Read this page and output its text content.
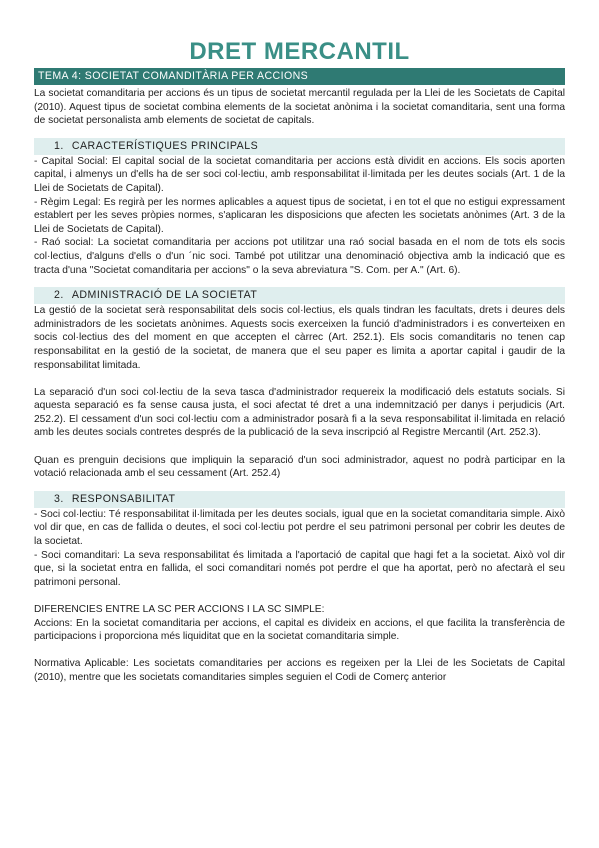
DRET MERCANTIL
TEMA 4: SOCIETAT COMANDITÀRIA PER ACCIONS

La societat comanditaria per accions és un tipus de societat mercantil regulada per la Llei de les Societats de Capital (2010). Aquest tipus de societat combina elements de la societat anònima i la societat comanditaria, sent una forma de societat personalista amb elements de societat de capitals.

1. CARACTERÍSTIQUES PRINCIPALS

- Capital Social: El capital social de la societat comanditaria per accions està dividit en accions. Els socis aporten capital, i almenys un d'ells ha de ser soci col·lectiu, amb responsabilitat il·limitada per les deutes socials (Art. 1 de la Llei de Societats de Capital).

- Règim Legal: Es regirà per les normes aplicables a aquest tipus de societat, i en tot el que no estigui expressament establert per les seves pròpies normes, s'aplicaran les disposicions que afecten les societats anònimes (Art. 3 de la Llei de Societats de Capital).

- Raó social: La societat comanditaria per accions pot utilitzar una raó social basada en el nom de tots els socis col·lectius, d'alguns d'ells o d'un ´nic soci. També pot utilitzar una denominació objectiva amb la indicació que es tracta d'una "Societat comanditaria per accions" o la seva abreviatura "S. Com. per A." (Art. 6).

2. ADMINISTRACIÓ DE LA SOCIETAT

La gestió de la societat serà responsabilitat dels socis col·lectius, els quals tindran les facultats, drets i deures dels administradors de les societats anònimes. Aquests socis exerceixen la funció d'administradors i es converteixen en socis col·lectius des del moment en que accepten el càrrec (Art. 252.1). Els socis comanditaris no tenen cap responsabilitat en la gestió de la societat, de manera que el seu paper es limita a aportar capital i gaudir de la responsabilitat limitada.

La separació d'un soci col·lectiu de la seva tasca d'administrador requereix la modificació dels estatuts socials. Si aquesta separació es fa sense causa justa, el soci afectat té dret a una indemnització per danys i perjudicis (Art. 252.2). El cessament d'un soci col·lectiu com a administrador posarà fi a la seva responsabilitat il·limitada en relació amb les deutes socials contretes després de la publicació de la seva inscripció al Registre Mercantil (Art. 252.3).

Quan es prenguin decisions que impliquin la separació d'un soci administrador, aquest no podrà participar en la votació relacionada amb el seu cessament (Art. 252.4)

3. RESPONSABILITAT

- Soci col·lectiu: Té responsabilitat il·limitada per les deutes socials, igual que en la societat comanditaria simple. Això vol dir que, en cas de fallida o deutes, el soci col·lectiu pot perdre el seu patrimoni personal per cobrir les deutes de la societat.

- Soci comanditari: La seva responsabilitat és limitada a l'aportació de capital que hagi fet a la societat. Això vol dir que, si la societat entra en fallida, el soci comanditari només pot perdre el que ha aportat, però no afectarà el seu patrimoni personal.

DIFERENCIES ENTRE LA SC PER ACCIONS I LA SC SIMPLE:

Accions: En la societat comanditaria per accions, el capital es divideix en accions, el que facilita la transferència de participacions i proporciona més liquiditat que en la societat comanditaria simple.

Normativa Aplicable: Les societats comanditaries per accions es regeixen per la Llei de les Societats de Capital (2010), mentre que les societats comanditaries simples seguien el Codi de Comerç anterior
